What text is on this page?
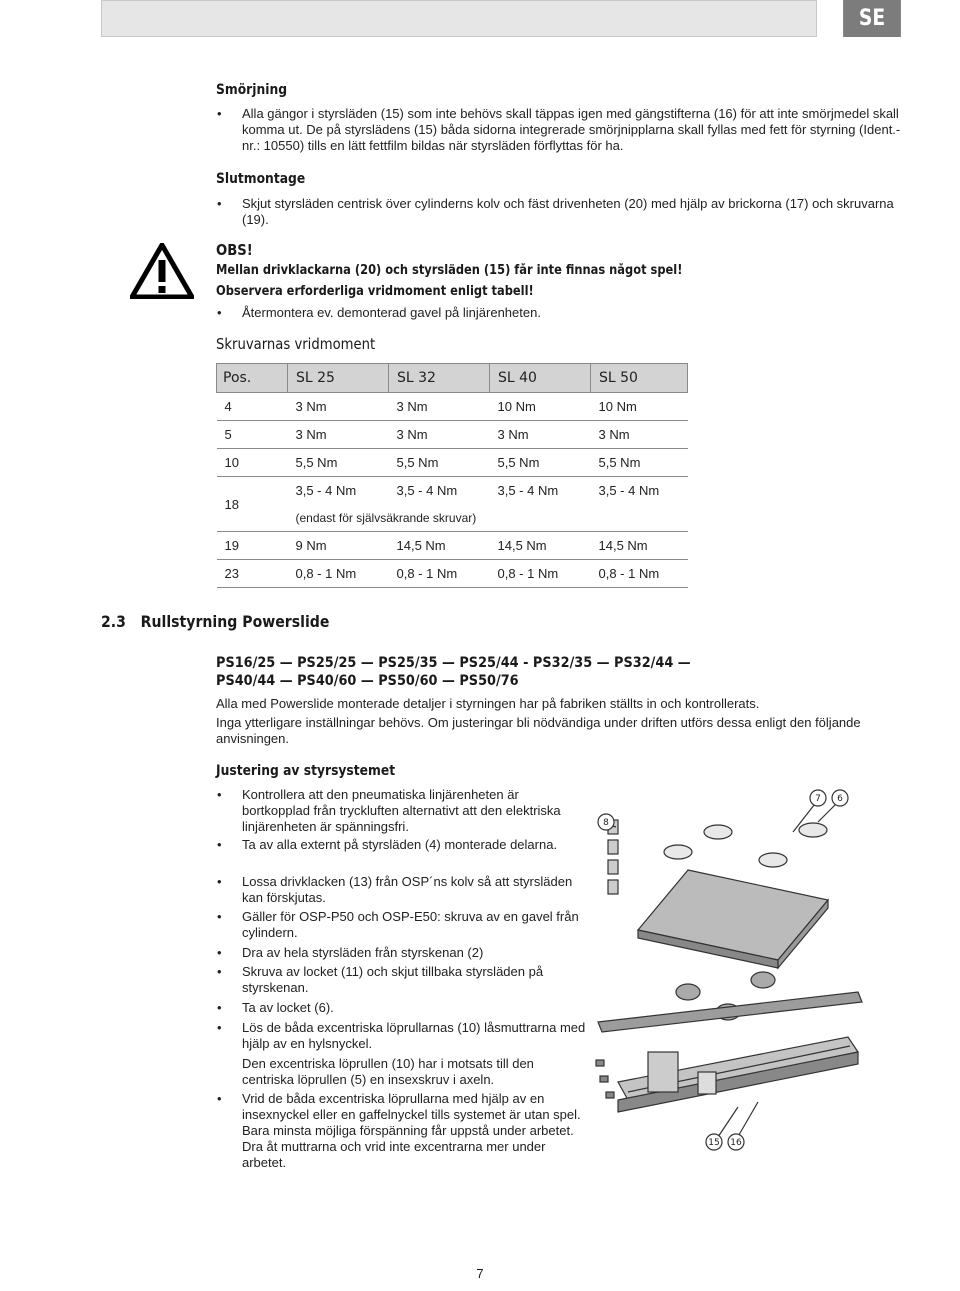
SE
Smörjning
• Alla gängor i styrsläden (15) som inte behövs skall täppas igen med gängstifterna (16) för att inte smörjmedel skall komma ut. De på styrslädens (15) båda sidorna integrerade smörjnipplarna skall fyllas med fett för styrning (Ident.-nr.: 10550) tills en lätt fettfilm bildas när styrsläden förflyttas för ha.
Slutmontage
• Skjut styrsläden centrisk över cylinderns kolv och fäst drivenheten (20) med hjälp av brickorna (17) och skruvarna (19).
OBS!
Mellan drivklackarna (20) och styrsläden (15) får inte finnas något spel!
Observera erforderliga vridmoment enligt tabell!
• Återmontera ev. demonterad gavel på linjärenheten.
Skruvarnas vridmoment
Pos.	SL 25	SL 32	SL 40	SL 50
4	3 Nm	3 Nm	10 Nm	10 Nm
5	3 Nm	3 Nm	3 Nm	3 Nm
10	5,5 Nm	5,5 Nm	5,5 Nm	5,5 Nm
18	3,5 - 4 Nm	3,5 - 4 Nm	3,5 - 4 Nm	3,5 - 4 Nm
	(endast för självsäkrande skruvar)			
19	9 Nm	14,5 Nm	14,5 Nm	14,5 Nm
23	0,8 - 1 Nm	0,8 - 1 Nm	0,8 - 1 Nm	0,8 - 1 Nm
2.3 Rullstyrning Powerslide
PS16/25 — PS25/25 — PS25/35 — PS25/44 - PS32/35 — PS32/44 — PS40/44 — PS40/60 — PS50/60 — PS50/76
Alla med Powerslide monterade detaljer i styrningen har på fabriken ställts in och kontrollerats.
Inga ytterligare inställningar behövs. Om justeringar bli nödvändiga under driften utförs dessa enligt den följande anvisningen.
Justering av styrsystemet
• Kontrollera att den pneumatiska linjärenheten är bortkopplad från tryckluften alternativt att den elektriska linjärenheten är spänningsfri.
• Ta av alla externt på styrsläden (4) monterade delarna.
• Lossa drivklacken (13) från OSP´ns kolv så att styrsläden kan förskjutas.
• Gäller för OSP-P50 och OSP-E50: skruva av en gavel från cylindern.
• Dra av hela styrsläden från styrskenan (2)
• Skruva av locket (11) och skjut tillbaka styrsläden på styrskenan.
• Ta av locket (6).
• Lös de båda excentriska löprullarnas (10) låsmuttrarna med hjälp av en hylsnyckel.
Den excentriska löprullen (10) har i motsats till den centriska löprullen (5) en insexskruv i axeln.
• Vrid de båda excentriska löprullarna med hjälp av en insexnyckel eller en gaffelnyckel tills systemet är utan spel. Bara minsta möjliga förspänning får uppstå under arbetet. Dra åt muttrarna och vrid inte excentrarna mer under arbetet.
7 6
8
15 16
7
